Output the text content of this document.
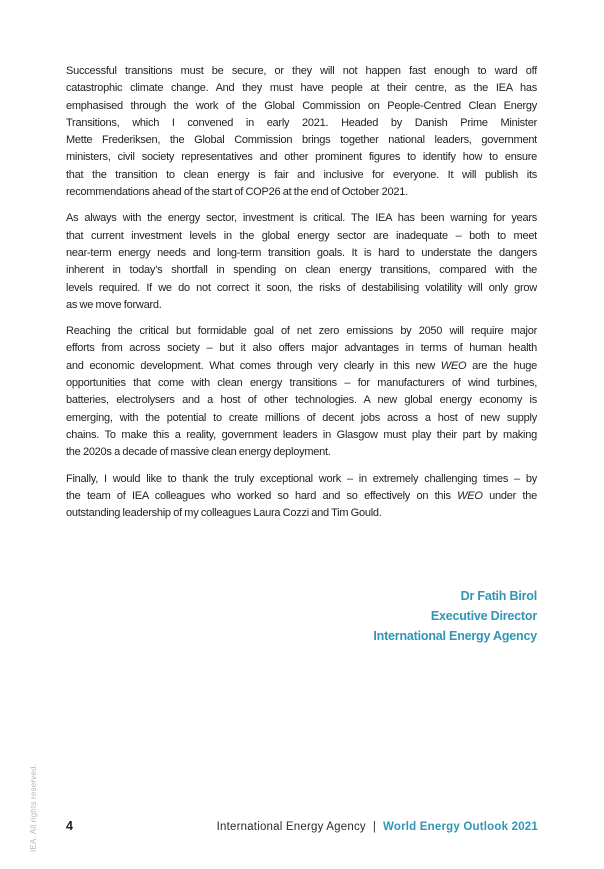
Successful transitions must be secure, or they will not happen fast enough to ward off
catastrophic climate change. And they must have people at their centre, as the IEA has
emphasised through the work of the Global Commission on People-Centred Clean Energy
Transitions, which I convened in early 2021. Headed by Danish Prime Minister
Mette Frederiksen, the Global Commission brings together national leaders, government
ministers, civil society representatives and other prominent figures to identify how to ensure
that the transition to clean energy is fair and inclusive for everyone. It will publish its
recommendations ahead of the start of COP26 at the end of October 2021.
As always with the energy sector, investment is critical. The IEA has been warning for years
that current investment levels in the global energy sector are inadequate – both to meet
near-term energy needs and long-term transition goals. It is hard to understate the dangers
inherent in today’s shortfall in spending on clean energy transitions, compared with the
levels required. If we do not correct it soon, the risks of destabilising volatility will only grow
as we move forward.
Reaching the critical but formidable goal of net zero emissions by 2050 will require major
efforts from across society – but it also offers major advantages in terms of human health
and economic development. What comes through very clearly in this new WEO are the huge
opportunities that come with clean energy transitions – for manufacturers of wind turbines,
batteries, electrolysers and a host of other technologies. A new global energy economy is
emerging, with the potential to create millions of decent jobs across a host of new supply
chains. To make this a reality, government leaders in Glasgow must play their part by making
the 2020s a decade of massive clean energy deployment.
Finally, I would like to thank the truly exceptional work – in extremely challenging times – by
the team of IEA colleagues who worked so hard and so effectively on this WEO under the
outstanding leadership of my colleagues Laura Cozzi and Tim Gould.
Dr Fatih Birol
Executive Director
International Energy Agency
IEA. All rights reserved. 4	International Energy Agency | World Energy Outlook 2021
